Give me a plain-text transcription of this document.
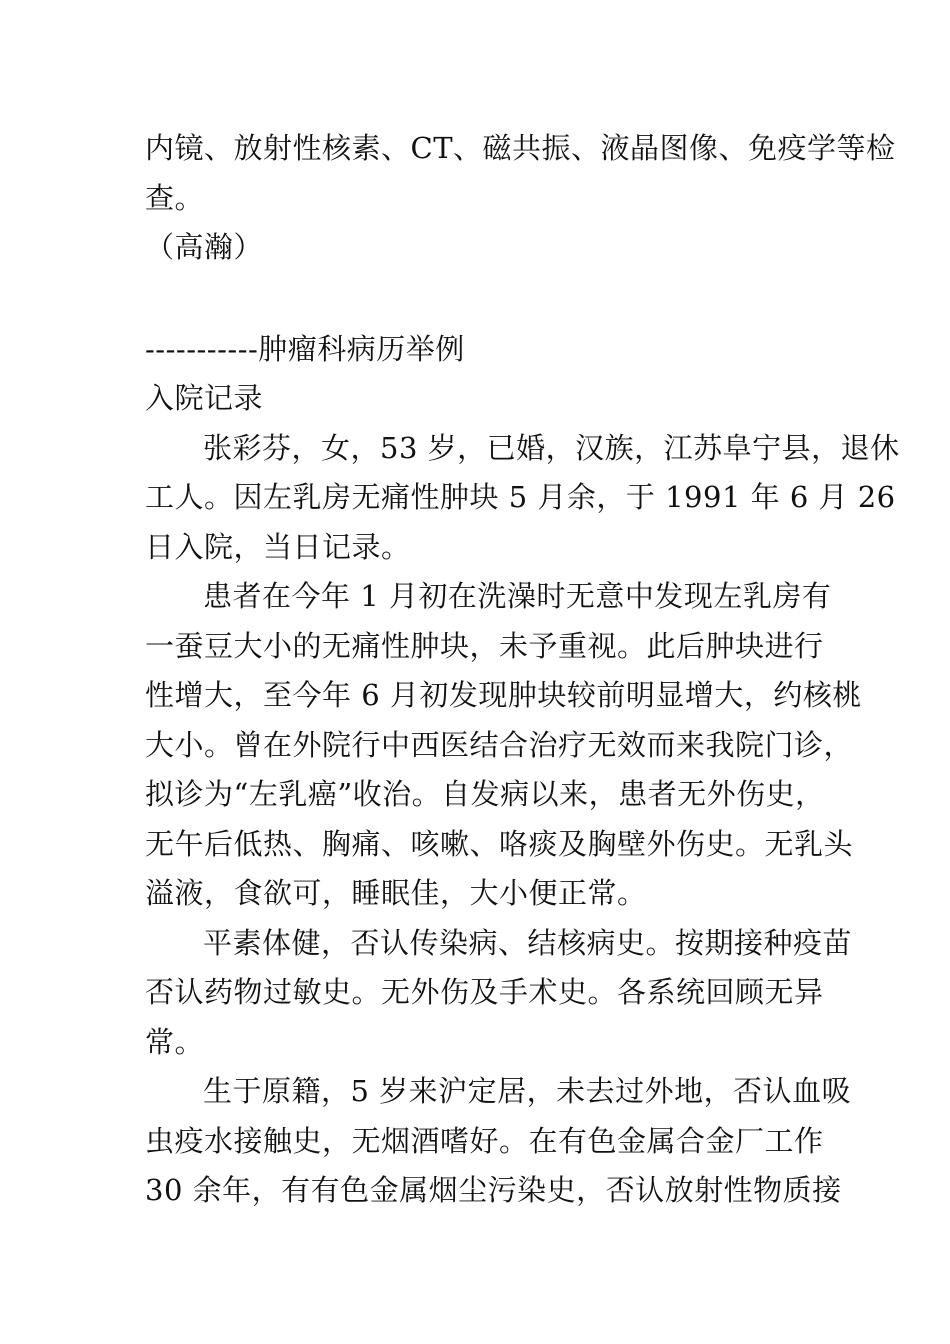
内镜、放射性核素、CT、磁共振、液晶图像、免疫学等检
查。
（高瀚）
-----------肿瘤科病历举例
入院记录
张彩芬，女，53 岁，已婚，汉族，江苏阜宁县，退休
工人。因左乳房无痛性肿块 5 月余，于 1991 年 6 月 26
日入院，当日记录。
患者在今年 1 月初在洗澡时无意中发现左乳房有
一蚕豆大小的无痛性肿块，未予重视。此后肿块进行
性增大，至今年 6 月初发现肿块较前明显增大，约核桃
大小。曾在外院行中西医结合治疗无效而来我院门诊，
拟诊为“左乳癌”收治。自发病以来，患者无外伤史，
无午后低热、胸痛、咳嗽、咯痰及胸壁外伤史。无乳头
溢液，食欲可，睡眠佳，大小便正常。
平素体健，否认传染病、结核病史。按期接种疫苗
否认药物过敏史。无外伤及手术史。各系统回顾无异
常。
生于原籍，5 岁来沪定居，未去过外地，否认血吸
虫疫水接触史，无烟酒嗜好。在有色金属合金厂工作
30 余年，有有色金属烟尘污染史，否认放射性物质接
